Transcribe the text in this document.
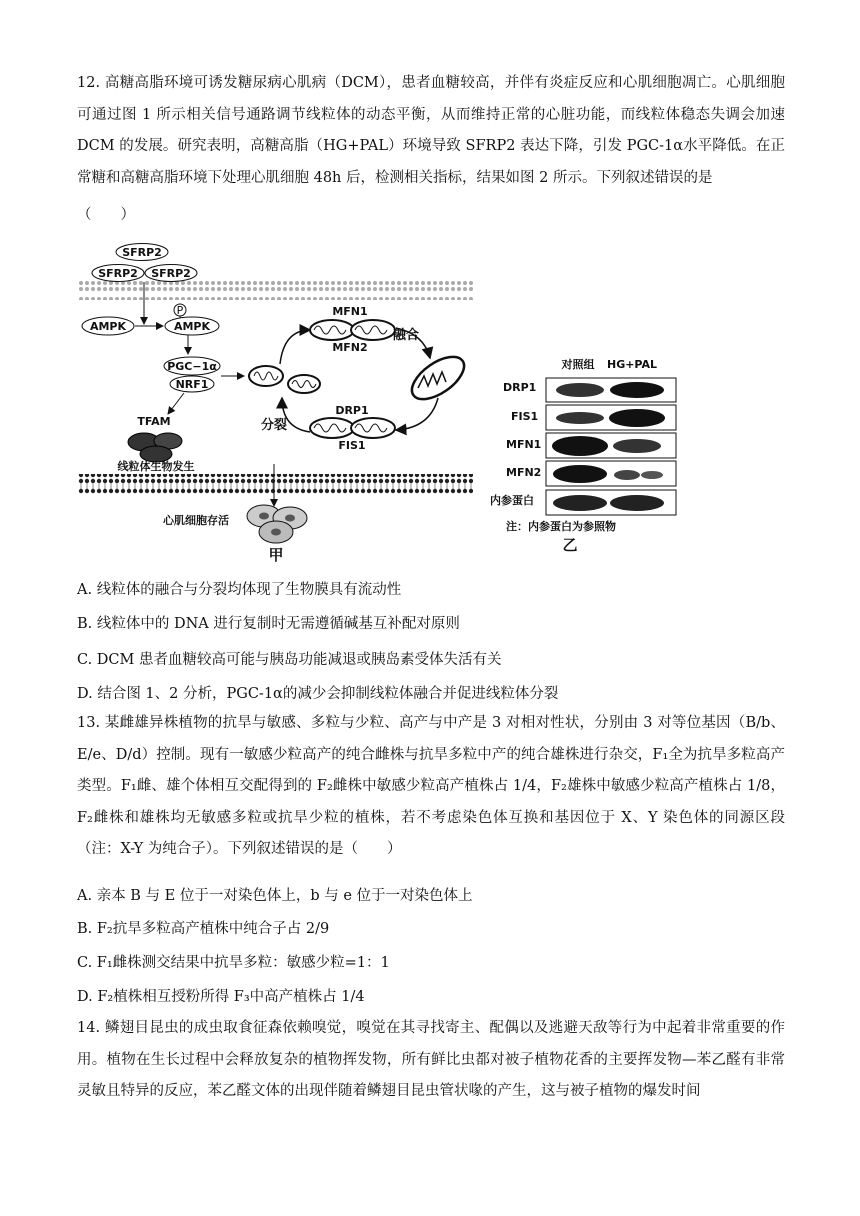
12. 高糖高脂环境可诱发糖尿病心肌病（DCM），患者血糖较高，并伴有炎症反应和心肌细胞凋亡。心肌细胞可通过图 1 所示相关信号通路调节线粒体的动态平衡，从而维持正常的心脏功能，而线粒体稳态失调会加速 DCM 的发展。研究表明，高糖高脂（HG+PAL）环境导致 SFRP2 表达下降，引发 PGC-1α水平降低。在正常糖和高糖高脂环境下处理心肌细胞 48h 后，检测相关指标，结果如图 2 所示。下列叙述错误的是
（　　）
SFRP2
SFRP2 SFRP2
AMPK
P
AMPK
PGC−1α
NRF1
TFAM
线粒体生物发生
MFN1
MFN2
融合
DRP1
FIS1
分裂
心肌细胞存活
甲
对照组 HG+PAL
DRP1
FIS1
MFN1
MFN2
内参蛋白
注：内参蛋白为参照物
乙
A. 线粒体的融合与分裂均体现了生物膜具有流动性
B. 线粒体中的 DNA 进行复制时无需遵循碱基互补配对原则
C. DCM 患者血糖较高可能与胰岛功能减退或胰岛素受体失活有关
D. 结合图 1、2 分析，PGC-1α的减少会抑制线粒体融合并促进线粒体分裂
13. 某雌雄异株植物的抗旱与敏感、多粒与少粒、高产与中产是 3 对相对性状，分别由 3 对等位基因（B/b、E/e、D/d）控制。现有一敏感少粒高产的纯合雌株与抗旱多粒中产的纯合雄株进行杂交，F₁全为抗旱多粒高产类型。F₁雌、雄个体相互交配得到的 F₂雌株中敏感少粒高产植株占 1/4，F₂雄株中敏感少粒高产植株占 1/8，F₂雌株和雄株均无敏感多粒或抗旱少粒的植株，若不考虑染色体互换和基因位于 X、Y 染色体的同源区段（注：X-Y 为纯合子）。下列叙述错误的是（　　）
A. 亲本 B 与 E 位于一对染色体上，b 与 e 位于一对染色体上
B. F₂抗旱多粒高产植株中纯合子占 2/9
C. F₁雌株测交结果中抗旱多粒：敏感少粒=1：1
D. F₂植株相互授粉所得 F₃中高产植株占 1/4
14. 鳞翅目昆虫的成虫取食征森依赖嗅觉，嗅觉在其寻找寄主、配偶以及逃避天敌等行为中起着非常重要的作用。植物在生长过程中会释放复杂的植物挥发物，所有鲜比虫都对被子植物花香的主要挥发物—苯乙醛有非常灵敏且特异的反应，苯乙醛文体的出现伴随着鳞翅目昆虫管状喙的产生，这与被子植物的爆发时间
